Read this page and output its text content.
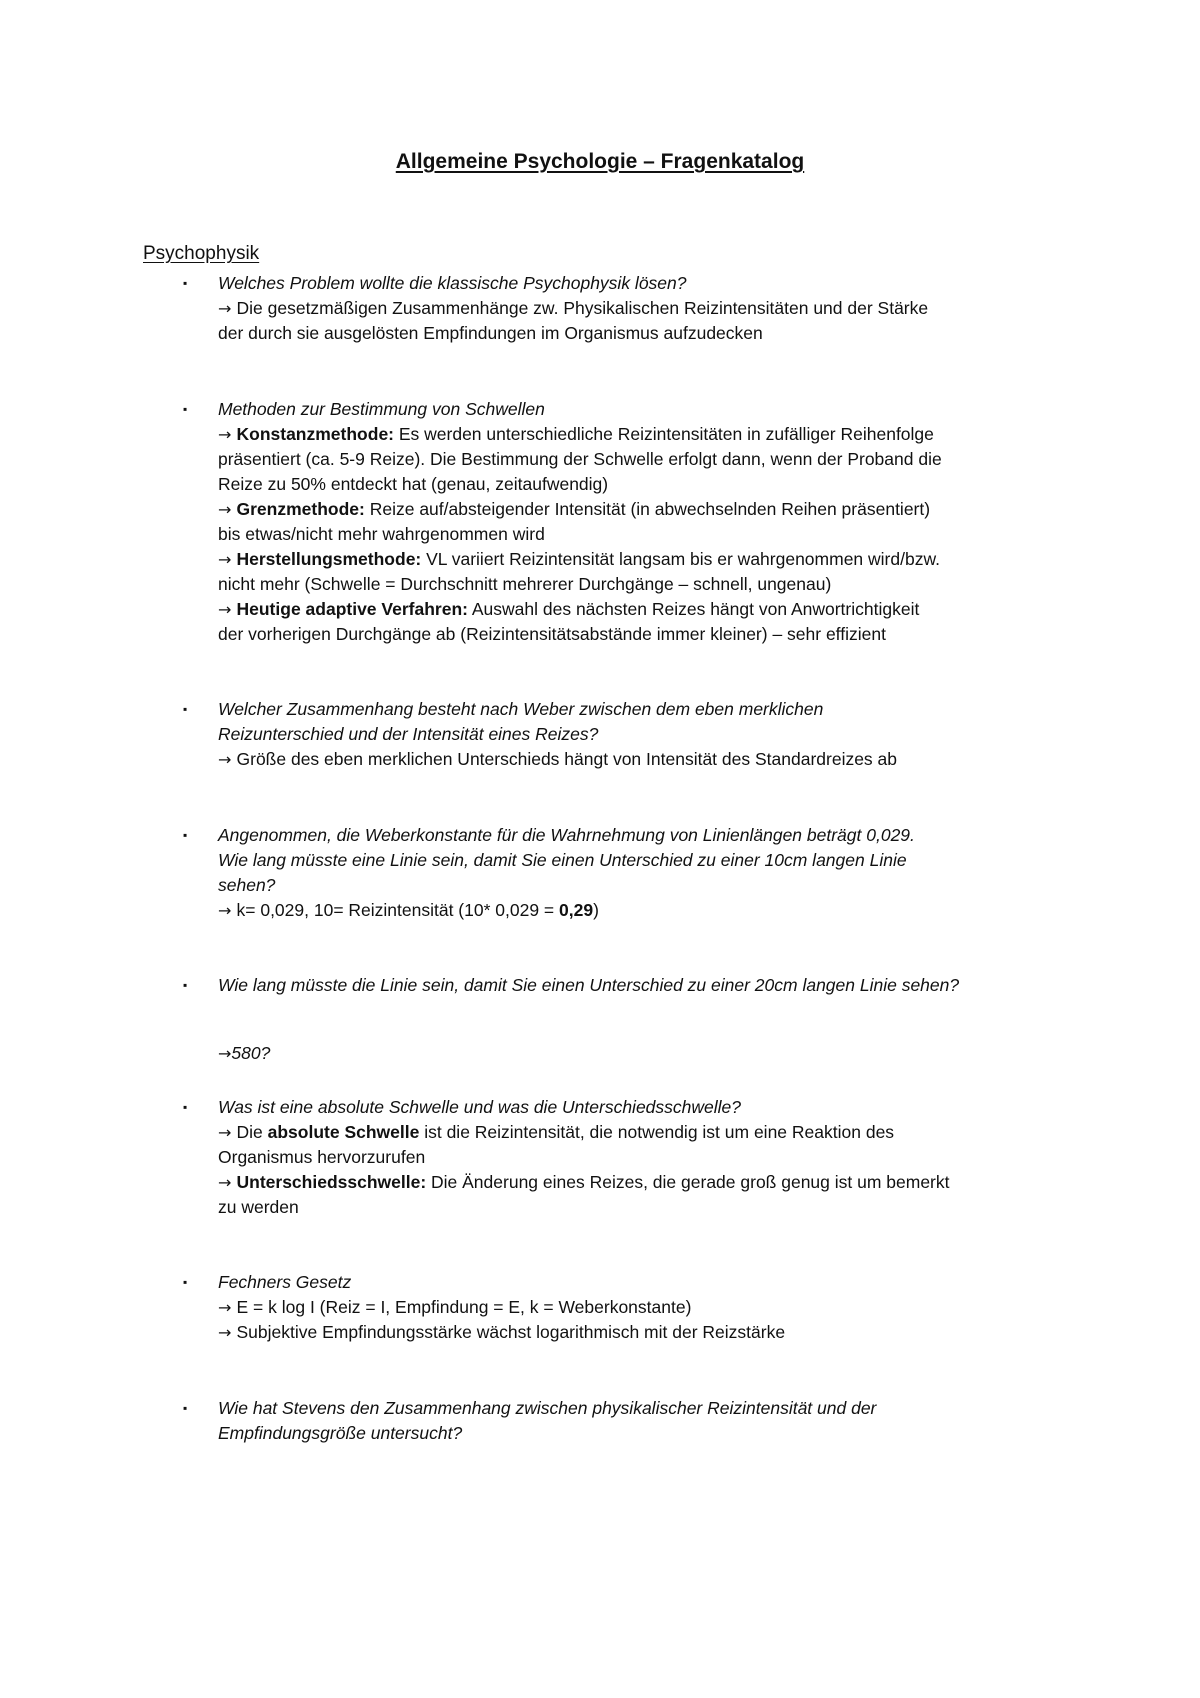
Allgemeine Psychologie – Fragenkatalog
Psychophysik
▪	Welches Problem wollte die klassische Psychophysik lösen?
→ Die gesetzmäßigen Zusammenhänge zw. Physikalischen Reizintensitäten und der Stärke
der durch sie ausgelösten Empfindungen im Organismus aufzudecken
▪	Methoden zur Bestimmung von Schwellen
→ Konstanzmethode: Es werden unterschiedliche Reizintensitäten in zufälliger Reihenfolge
präsentiert (ca. 5-9 Reize). Die Bestimmung der Schwelle erfolgt dann, wenn der Proband die
Reize zu 50% entdeckt hat (genau, zeitaufwendig)
→ Grenzmethode: Reize auf/absteigender Intensität (in abwechselnden Reihen präsentiert)
bis etwas/nicht mehr wahrgenommen wird
→ Herstellungsmethode: VL variiert Reizintensität langsam bis er wahrgenommen wird/bzw.
nicht mehr (Schwelle = Durchschnitt mehrerer Durchgänge – schnell, ungenau)
→ Heutige adaptive Verfahren: Auswahl des nächsten Reizes hängt von Anwortrichtigkeit
der vorherigen Durchgänge ab (Reizintensitätsabstände immer kleiner) – sehr effizient
▪	Welcher Zusammenhang besteht nach Weber zwischen dem eben merklichen
Reizunterschied und der Intensität eines Reizes?
→ Größe des eben merklichen Unterschieds hängt von Intensität des Standardreizes ab
▪	Angenommen, die Weberkonstante für die Wahrnehmung von Linienlängen beträgt 0,029.
Wie lang müsste eine Linie sein, damit Sie einen Unterschied zu einer 10cm langen Linie
sehen?
→ k= 0,029, 10= Reizintensität (10* 0,029 = 0,29)
▪	Wie lang müsste die Linie sein, damit Sie einen Unterschied zu einer 20cm langen Linie sehen?
→580?
▪	Was ist eine absolute Schwelle und was die Unterschiedsschwelle?
→ Die absolute Schwelle ist die Reizintensität, die notwendig ist um eine Reaktion des
Organismus hervorzurufen
→ Unterschiedsschwelle: Die Änderung eines Reizes, die gerade groß genug ist um bemerkt
zu werden
▪	Fechners Gesetz
→ E = k log I (Reiz = I, Empfindung = E, k = Weberkonstante)
→ Subjektive Empfindungsstärke wächst logarithmisch mit der Reizstärke
▪	Wie hat Stevens den Zusammenhang zwischen physikalischer Reizintensität und der
Empfindungsgröße untersucht?
